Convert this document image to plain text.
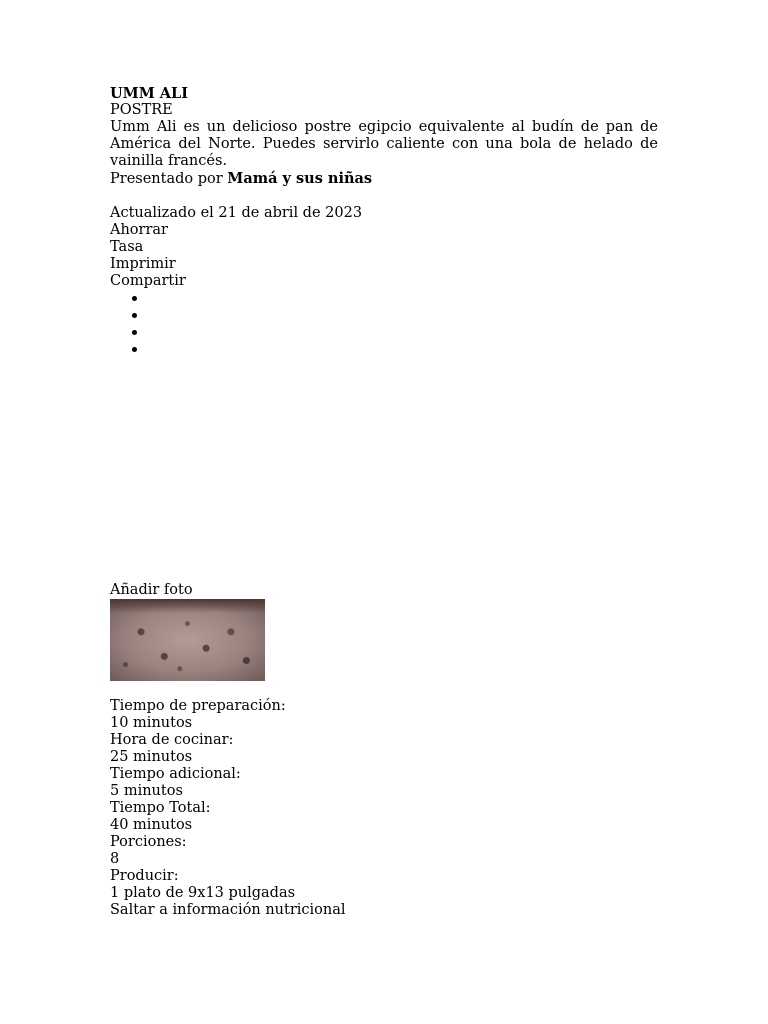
UMM ALI
POSTRE
Umm Ali es un delicioso postre egipcio equivalente al budín de pan de América del Norte. Puedes servirlo caliente con una bola de helado de vainilla francés.
Presentado por Mamá y sus niñas
Actualizado el 21 de abril de 2023
Ahorrar
Tasa
Imprimir
Compartir
Añadir foto
Tiempo de preparación:
10 minutos
Hora de cocinar:
25 minutos
Tiempo adicional:
5 minutos
Tiempo Total:
40 minutos
Porciones:
8
Producir:
1 plato de 9x13 pulgadas
Saltar a información nutricional
